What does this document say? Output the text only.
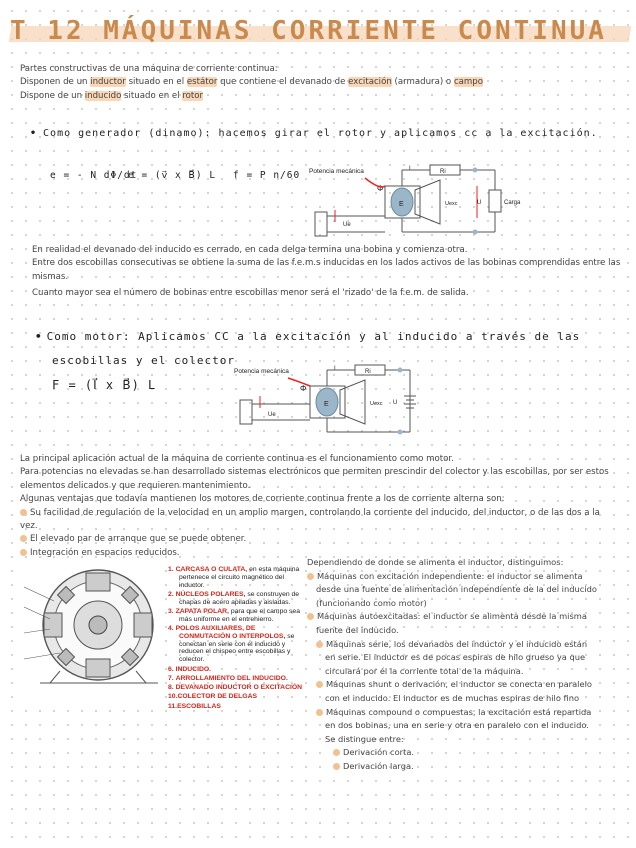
T 12 MÁQUINAS CORRIENTE CONTINUA
Partes constructivas de una máquina de corriente continua:
Disponen de un inductor situado en el estátor que contiene el devanado de excitación (armadura) o campo
Dispone de un inducido situado en el rotor
• Como generador (dinamo): hacemos girar el rotor y aplicamos cc a la excitación.
e = - N dΦ/dt
e = (v⃗ x B⃗) L f = P n/60 Potencia mecánica
Φ
I
E	Uexc
Ri
U	Carga
Ue
En realidad el devanado del inducido es cerrado, en cada delga termina una bobina y comienza otra.
Entre dos escobillas consecutivas se obtiene la suma de las f.e.m.s inducidas en los lados activos de las bobinas comprendidas entre las mismas.
Cuanto mayor sea el número de bobinas entre escobillas menor será el 'rizado' de la f.e.m. de salida.
• Como motor: Aplicamos CC a la excitación y al inducido a través de las
escobillas y el colector
F = (I⃗ x B⃗) L
Potencia mecánica
Φ
I
E	Uexc
Ri
U
Ue
La principal aplicación actual de la máquina de corriente continua es el funcionamiento como motor.
Para potencias no elevadas se han desarrollado sistemas electrónicos que permiten prescindir del colector y las escobillas, por ser estos elementos delicados y que requieren mantenimiento.
Algunas ventajas que todavía mantienen los motores de corriente continua frente a los de corriente alterna son:
Su facilidad de regulación de la velocidad en un amplio margen, controlando la corriente del inducido, del inductor, o de las dos a la vez.
El elevado par de arranque que se puede obtener.
Integración en espacios reducidos.
1. CARCASA O CULATA, en esta máquina pertenece el circuito magnético del inductor.
2. NÚCLEOS POLARES, se construyen de chapas de acero apiladas y aisladas.
3. ZAPATA POLAR, para que el campo sea más uniforme en el entrehierro.
4. POLOS AUXILIARES, DE CONMUTACIÓN O INTERPOLOS, se conectan en serie con el inducido y reducen el chispeo entre escobillas y colector.
6. INDUCIDO.
7. ARROLLAMIENTO DEL INDUCIDO.
8. DEVANADO INDUCTOR O EXCITACIÓN
10.COLECTOR DE DELGAS
11.ESCOBILLAS
Dependiendo de donde se alimenta el inductor, distinguimos:
Máquinas con excitación independiente: el inductor se alimenta desde una fuente de alimentación independiente de la del inducido (funcionando como motor)
Máquinas autoexcitadas: el inductor se alimenta desde la misma fuente del inducido.
Máquinas serie, los devanados del inductor y el inducido están en serie. El inductor es de pocas espiras de hilo grueso ya que circulará por él la corriente total de la máquina.
Máquinas shunt o derivación, el inductor se conecta en paralelo con el inducido. El inductor es de muchas espiras de hilo fino
Máquinas compound o compuestas, la excitación está repartida en dos bobinas, una en serie y otra en paralelo con el inducido. Se distingue entre:
Derivación corta.
Derivación larga.
